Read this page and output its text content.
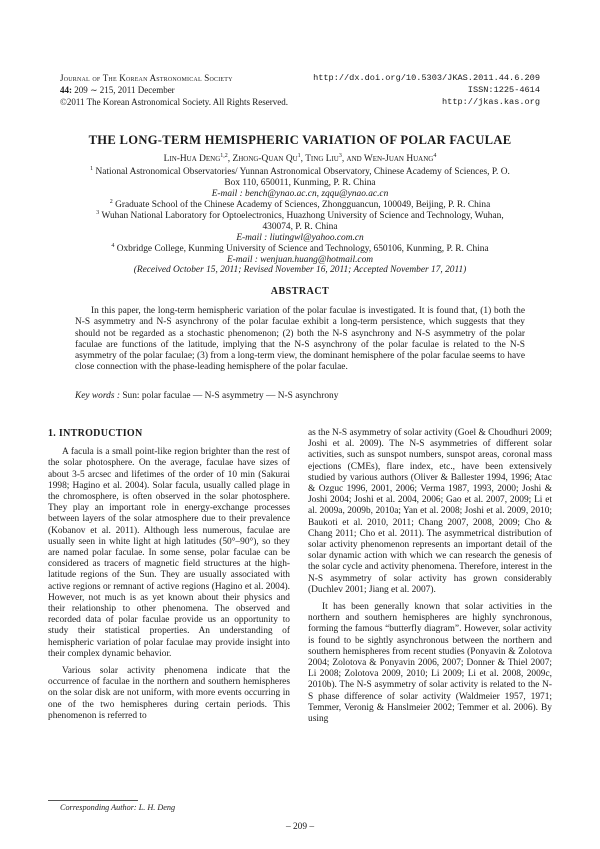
Journal of The Korean Astronomical Society
44: 209 ∼ 215, 2011 December
©2011 The Korean Astronomical Society. All Rights Reserved.
http://dx.doi.org/10.5303/JKAS.2011.44.6.209
ISSN:1225-4614
http://jkas.kas.org
THE LONG-TERM HEMISPHERIC VARIATION OF POLAR FACULAE
Lin-Hua Deng$^{1,2}$, Zhong-Quan Qu$^1$, Ting Liu$^3$, and Wen-Juan Huang$^4$
$^1$ National Astronomical Observatories/ Yunnan Astronomical Observatory, Chinese Academy of Sciences, P. O.
Box 110, 650011, Kunming, P. R. China
E-mail : bench@ynao.ac.cn, zqqu@ynao.ac.cn
$^2$ Graduate School of the Chinese Academy of Sciences, Zhongguancun, 100049, Beijing, P. R. China
$^3$ Wuhan National Laboratory for Optoelectronics, Huazhong University of Science and Technology, Wuhan,
430074, P. R. China
E-mail : liutingwl@yahoo.com.cn
$^4$ Oxbridge College, Kunming University of Science and Technology, 650106, Kunming, P. R. China
E-mail : wenjuan.huang@hotmail.com
(Received October 15, 2011; Revised November 16, 2011; Accepted November 17, 2011)
ABSTRACT

In this paper, the long-term hemispheric variation of the polar faculae is investigated. It is found that, (1) both the N-S asymmetry and N-S asynchrony of the polar faculae exhibit a long-term persistence, which suggests that they should not be regarded as a stochastic phenomenon; (2) both the N-S asynchrony and N-S asymmetry of the polar faculae are functions of the latitude, implying that the N-S asynchrony of the polar faculae is related to the N-S asymmetry of the polar faculae; (3) from a long-term view, the dominant hemisphere of the polar faculae seems to have close connection with the phase-leading hemisphere of the polar faculae.

Key words : Sun: polar faculae — N-S asymmetry — N-S asynchrony
1. INTRODUCTION

A facula is a small point-like region brighter than the rest of the solar photosphere. On the average, faculae have sizes of about 3-5 arcsec and lifetimes of the order of 10 min (Sakurai 1998; Hagino et al. 2004). Solar facula, usually called plage in the chromosphere, is often observed in the solar photosphere. They play an important role in energy-exchange processes between layers of the solar atmosphere due to their prevalence (Kobanov et al. 2011). Although less numerous, faculae are usually seen in white light at high latitudes (50°–90°), so they are named polar faculae. In some sense, polar faculae can be considered as tracers of magnetic field structures at the high-latitude regions of the Sun. They are usually associated with active regions or remnant of active regions (Hagino et al. 2004). However, not much is as yet known about their physics and their relationship to other phenomena. The observed and recorded data of polar faculae provide us an opportunity to study their statistical properties. An understanding of hemispheric variation of polar faculae may provide insight into their complex dynamic behavior.

Various solar activity phenomena indicate that the occurrence of faculae in the northern and southern hemispheres on the solar disk are not uniform, with more events occurring in one of the two hemispheres during certain periods. This phenomenon is referred to

as the N-S asymmetry of solar activity (Goel & Choudhuri 2009; Joshi et al. 2009). The N-S asymmetries of different solar activities, such as sunspot numbers, sunspot areas, coronal mass ejections (CMEs), flare index, etc., have been extensively studied by various authors (Oliver & Ballester 1994, 1996; Atac & Ozguc 1996, 2001, 2006; Verma 1987, 1993, 2000; Joshi & Joshi 2004; Joshi et al. 2004, 2006; Gao et al. 2007, 2009; Li et al. 2009a, 2009b, 2010a; Yan et al. 2008; Joshi et al. 2009, 2010; Baukoti et al. 2010, 2011; Chang 2007, 2008, 2009; Cho & Chang 2011; Cho et al. 2011). The asymmetrical distribution of solar activity phenomenon represents an important detail of the solar dynamic action with which we can research the genesis of the solar cycle and activity phenomena. Therefore, interest in the N-S asymmetry of solar activity has grown considerably (Duchlev 2001; Jiang et al. 2007).

It has been generally known that solar activities in the northern and southern hemispheres are highly synchronous, forming the famous “butterfly diagram”. However, solar activity is found to be sightly asynchronous between the northern and southern hemispheres from recent studies (Ponyavin & Zolotova 2004; Zolotova & Ponyavin 2006, 2007; Donner & Thiel 2007; Li 2008; Zolotova 2009, 2010; Li 2009; Li et al. 2008, 2009c, 2010b). The N-S asymmetry of solar activity is related to the N-S phase difference of solar activity (Waldmeier 1957, 1971; Temmer, Veronig & Hanslmeier 2002; Temmer et al. 2006). By using

Corresponding Author: L. H. Deng
– 209 –
